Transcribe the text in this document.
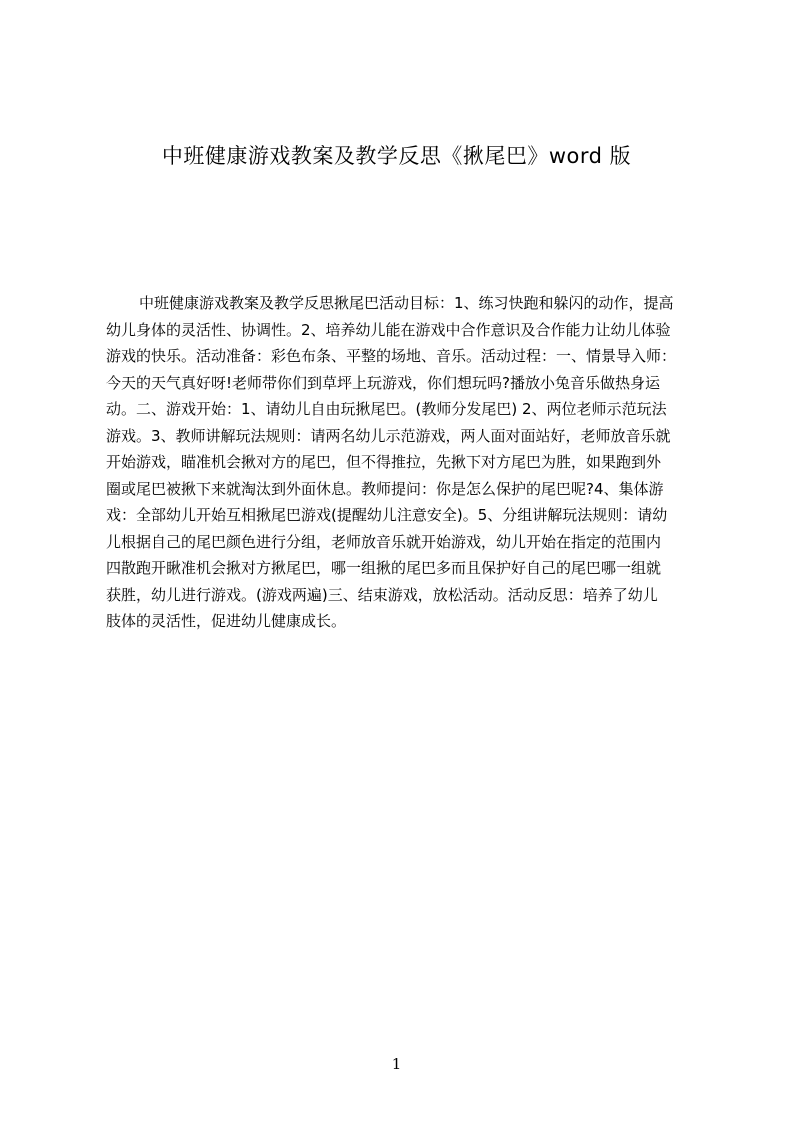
中班健康游戏教案及教学反思《揪尾巴》word 版
中班健康游戏教案及教学反思揪尾巴活动目标：1、练习快跑和躲闪的动作，提高
幼儿身体的灵活性、协调性。2、培养幼儿能在游戏中合作意识及合作能力让幼儿体验
游戏的快乐。活动准备：彩色布条、平整的场地、音乐。活动过程：一、情景导入师：
今天的天气真好呀!老师带你们到草坪上玩游戏，你们想玩吗?播放小兔音乐做热身运
动。二、游戏开始：1、请幼儿自由玩揪尾巴。(教师分发尾巴) 2、两位老师示范玩法
游戏。3、教师讲解玩法规则：请两名幼儿示范游戏，两人面对面站好，老师放音乐就
开始游戏，瞄准机会揪对方的尾巴，但不得推拉，先揪下对方尾巴为胜，如果跑到外
圈或尾巴被揪下来就淘汰到外面休息。教师提问：你是怎么保护的尾巴呢?4、集体游
戏：全部幼儿开始互相揪尾巴游戏(提醒幼儿注意安全)。5、分组讲解玩法规则：请幼
儿根据自己的尾巴颜色进行分组，老师放音乐就开始游戏，幼儿开始在指定的范围内
四散跑开瞅准机会揪对方揪尾巴，哪一组揪的尾巴多而且保护好自己的尾巴哪一组就
获胜，幼儿进行游戏。(游戏两遍)三、结束游戏，放松活动。活动反思：培养了幼儿
肢体的灵活性，促进幼儿健康成长。
1
